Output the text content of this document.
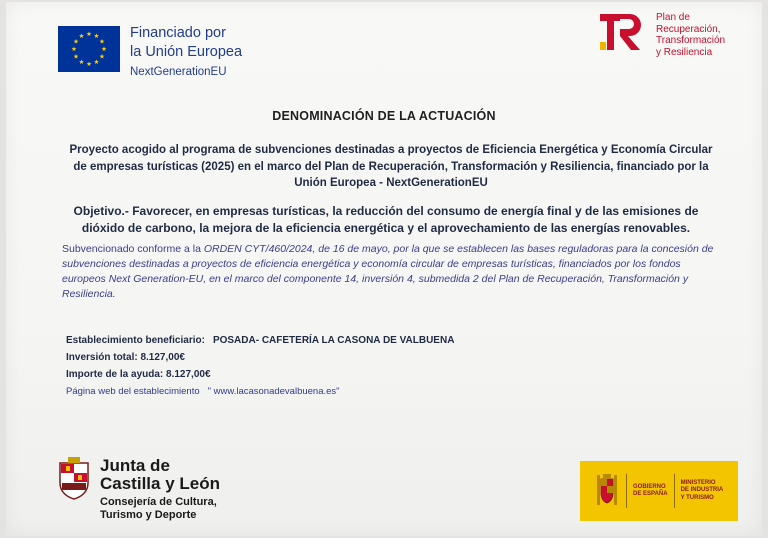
Financiado por
la Unión Europea
NextGenerationEU
Plan de
Recuperación,
Transformación
y Resiliencia
DENOMINACIÓN DE LA ACTUACIÓN
Proyecto acogido al programa de subvenciones destinadas a proyectos de Eficiencia Energética y Economía Circular de empresas turísticas (2025) en el marco del Plan de Recuperación, Transformación y Resiliencia, financiado por la Unión Europea - NextGenerationEU
Objetivo.- Favorecer, en empresas turísticas, la reducción del consumo de energía final y de las emisiones de dióxido de carbono, la mejora de la eficiencia energética y el aprovechamiento de las energías renovables.
Subvencionado conforme a la ORDEN CYT/460/2024, de 16 de mayo, por la que se establecen las bases reguladoras para la concesión de subvenciones destinadas a proyectos de eficiencia energética y economía circular de empresas turísticas, financiados por los fondos europeos Next Generation-EU, en el marco del componente 14, inversión 4, submedida 2 del Plan de Recuperación, Transformación y Resiliencia.
Establecimiento beneficiario: POSADA- CAFETERÍA LA CASONA DE VALBUENA
Inversión total: 8.127,00€
Importe de la ayuda: 8.127,00€
Página web del establecimiento " www.lacasonadevalbuena.es"
Junta de
Castilla y León
Consejería de Cultura,
Turismo y Deporte
GOBIERNO
DE ESPAÑA
MINISTERIO
DE INDUSTRIA
Y TURISMO
